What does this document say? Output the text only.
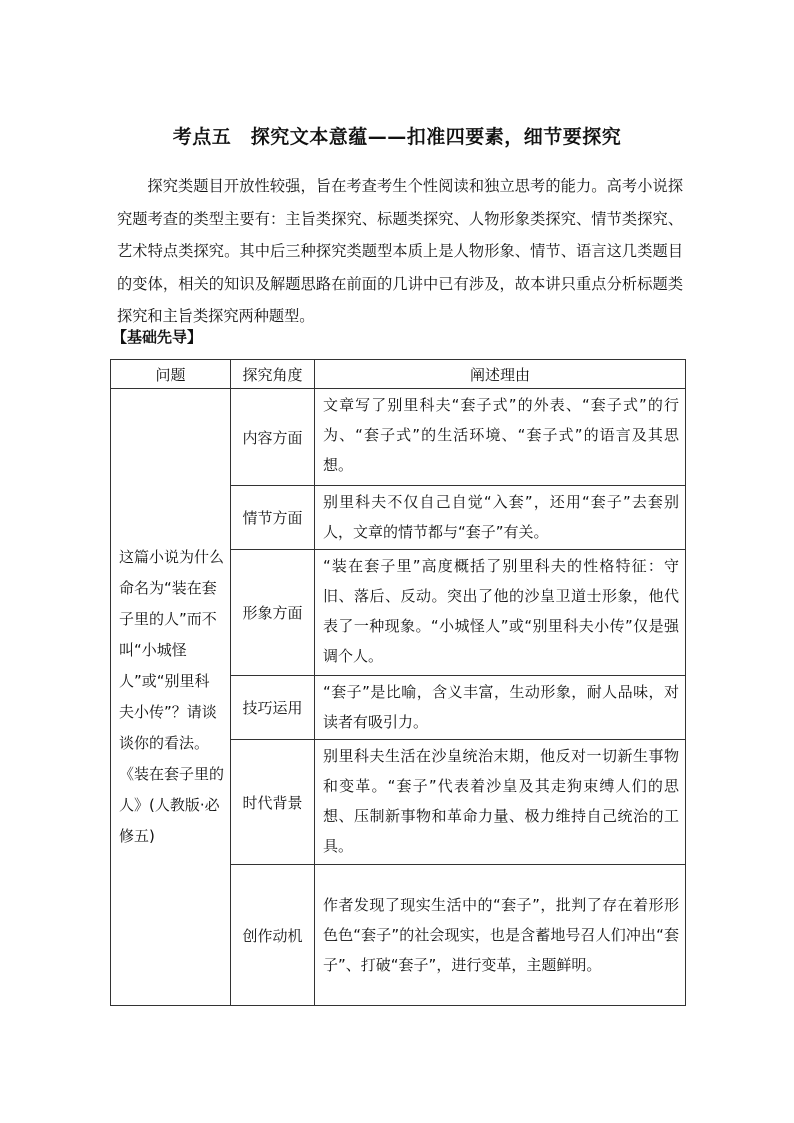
考点五　探究文本意蕴——扣准四要素，细节要探究
探究类题目开放性较强，旨在考查考生个性阅读和独立思考的能力。高考小说探究题考查的类型主要有：主旨类探究、标题类探究、人物形象类探究、情节类探究、艺术特点类探究。其中后三种探究类题型本质上是人物形象、情节、语言这几类题目的变体，相关的知识及解题思路在前面的几讲中已有涉及，故本讲只重点分析标题类探究和主旨类探究两种题型。
【基础先导】
问题	探究角度	阐述理由
这篇小说为什么命名为“装在套子里的人”而不叫“小城怪人”或“别里科夫小传”？请谈谈你的看法。《装在套子里的人》(人教版·必修五)	内容方面	文章写了别里科夫“套子式”的外表、“套子式”的行为、“套子式”的生活环境、“套子式”的语言及其思想。
	情节方面	别里科夫不仅自己自觉“入套”，还用“套子”去套别人，文章的情节都与“套子”有关。
	形象方面	“装在套子里”高度概括了别里科夫的性格特征：守旧、落后、反动。突出了他的沙皇卫道士形象，他代表了一种现象。“小城怪人”或“别里科夫小传”仅是强调个人。
	技巧运用	“套子”是比喻，含义丰富，生动形象，耐人品味，对读者有吸引力。
	时代背景	别里科夫生活在沙皇统治末期，他反对一切新生事物和变革。“套子”代表着沙皇及其走狗束缚人们的思想、压制新事物和革命力量、极力维持自己统治的工具。
	创作动机	作者发现了现实生活中的“套子”，批判了存在着形形色色“套子”的社会现实，也是含蓄地号召人们冲出“套子”、打破“套子”，进行变革，主题鲜明。
